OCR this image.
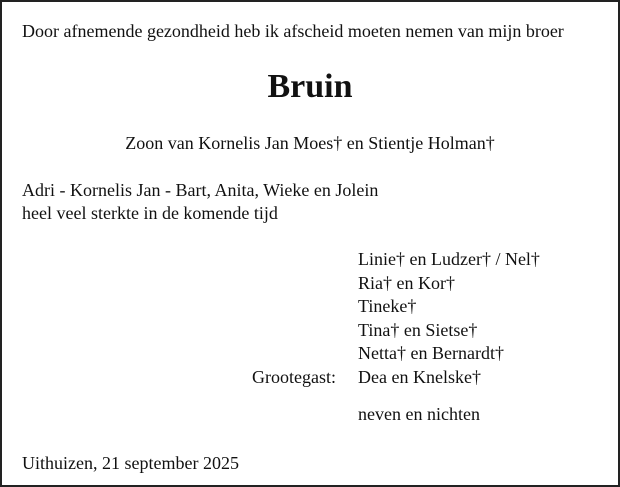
Door afnemende gezondheid heb ik afscheid moeten nemen van mijn broer
Bruin
Zoon van Kornelis Jan Moes† en Stientje Holman†
Adri - Kornelis Jan - Bart, Anita, Wieke en Jolein
heel veel sterkte in de komende tijd
Linie† en Ludzer† / Nel†
Ria† en Kor†
Tineke†
Tina† en Sietse†
Netta† en Bernardt†
Dea en Knelske†
Grootegast:
neven en nichten
Uithuizen, 21 september 2025
